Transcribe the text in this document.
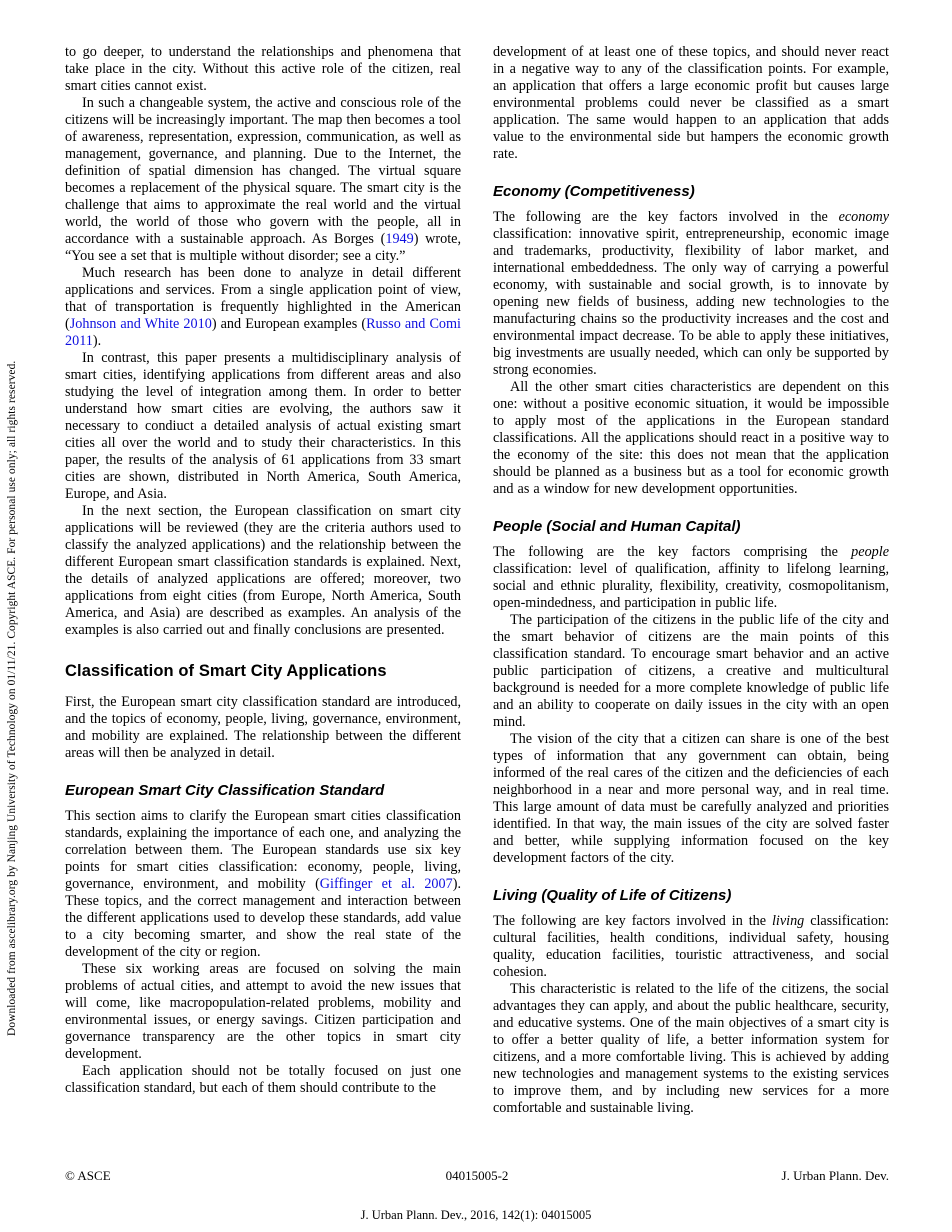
Downloaded from ascelibrary.org by Nanjing University of Technology on 01/11/21. Copyright ASCE. For personal use only; all rights reserved.

to go deeper, to understand the relationships and phenomena that take place in the city. Without this active role of the citizen, real smart cities cannot exist.

In such a changeable system, the active and conscious role of the citizens will be increasingly important. The map then becomes a tool of awareness, representation, expression, communication, as well as management, governance, and planning. Due to the Internet, the definition of spatial dimension has changed. The virtual square becomes a replacement of the physical square. The smart city is the challenge that aims to approximate the real world and the virtual world, the world of those who govern with the people, all in accordance with a sustainable approach. As Borges (1949) wrote, “You see a set that is multiple without disorder; see a city.”

Much research has been done to analyze in detail different applications and services. From a single application point of view, that of transportation is frequently highlighted in the American (Johnson and White 2010) and European examples (Russo and Comi 2011).

In contrast, this paper presents a multidisciplinary analysis of smart cities, identifying applications from different areas and also studying the level of integration among them. In order to better understand how smart cities are evolving, the authors saw it necessary to condiuct a detailed analysis of actual existing smart cities all over the world and to study their characteristics. In this paper, the results of the analysis of 61 applications from 33 smart cities are shown, distributed in North America, South America, Europe, and Asia.

In the next section, the European classification on smart city applications will be reviewed (they are the criteria authors used to classify the analyzed applications) and the relationship between the different European smart classification standards is explained. Next, the details of analyzed applications are offered; moreover, two applications from eight cities (from Europe, North America, South America, and Asia) are described as examples. An analysis of the examples is also carried out and finally conclusions are presented.

Classification of Smart City Applications

First, the European smart city classification standard are introduced, and the topics of economy, people, living, governance, environment, and mobility are explained. The relationship between the different areas will then be analyzed in detail.

European Smart City Classification Standard

This section aims to clarify the European smart cities classification standards, explaining the importance of each one, and analyzing the correlation between them. The European standards use six key points for smart cities classification: economy, people, living, governance, environment, and mobility (Giffinger et al. 2007). These topics, and the correct management and interaction between the different applications used to develop these standards, add value to a city becoming smarter, and show the real state of the development of the city or region.

These six working areas are focused on solving the main problems of actual cities, and attempt to avoid the new issues that will come, like macropopulation-related problems, mobility and environmental issues, or energy savings. Citizen participation and governance transparency are the other topics in smart city development.

Each application should not be totally focused on just one classification standard, but each of them should contribute to the

development of at least one of these topics, and should never react in a negative way to any of the classification points. For example, an application that offers a large economic profit but causes large environmental problems could never be classified as a smart application. The same would happen to an application that adds value to the environmental side but hampers the economic growth rate.

Economy (Competitiveness)

The following are the key factors involved in the economy classification: innovative spirit, entrepreneurship, economic image and trademarks, productivity, flexibility of labor market, and international embeddedness. The only way of carrying a powerful economy, with sustainable and social growth, is to innovate by opening new fields of business, adding new technologies to the manufacturing chains so the productivity increases and the cost and environmental impact decrease. To be able to apply these initiatives, big investments are usually needed, which can only be supported by strong economies.

All the other smart cities characteristics are dependent on this one: without a positive economic situation, it would be impossible to apply most of the applications in the European standard classifications. All the applications should react in a positive way to the economy of the site: this does not mean that the application should be planned as a business but as a tool for economic growth and as a window for new development opportunities.

People (Social and Human Capital)

The following are the key factors comprising the people classification: level of qualification, affinity to lifelong learning, social and ethnic plurality, flexibility, creativity, cosmopolitanism, open-mindedness, and participation in public life.

The participation of the citizens in the public life of the city and the smart behavior of citizens are the main points of this classification standard. To encourage smart behavior and an active public participation of citizens, a creative and multicultural background is needed for a more complete knowledge of public life and an ability to cooperate on daily issues in the city with an open mind.

The vision of the city that a citizen can share is one of the best types of information that any government can obtain, being informed of the real cares of the citizen and the deficiencies of each neighborhood in a near and more personal way, and in real time. This large amount of data must be carefully analyzed and priorities identified. In that way, the main issues of the city are solved faster and better, while supplying information focused on the key development factors of the city.

Living (Quality of Life of Citizens)

The following are key factors involved in the living classification: cultural facilities, health conditions, individual safety, housing quality, education facilities, touristic attractiveness, and social cohesion.

This characteristic is related to the life of the citizens, the social advantages they can apply, and about the public healthcare, security, and educative systems. One of the main objectives of a smart city is to offer a better quality of life, a better information system for citizens, and a more comfortable living. This is achieved by adding new technologies and management systems to the existing services to improve them, and by including new services for a more comfortable and sustainable living.

© ASCE	04015005-2	J. Urban Plann. Dev.
J. Urban Plann. Dev., 2016, 142(1): 04015005
